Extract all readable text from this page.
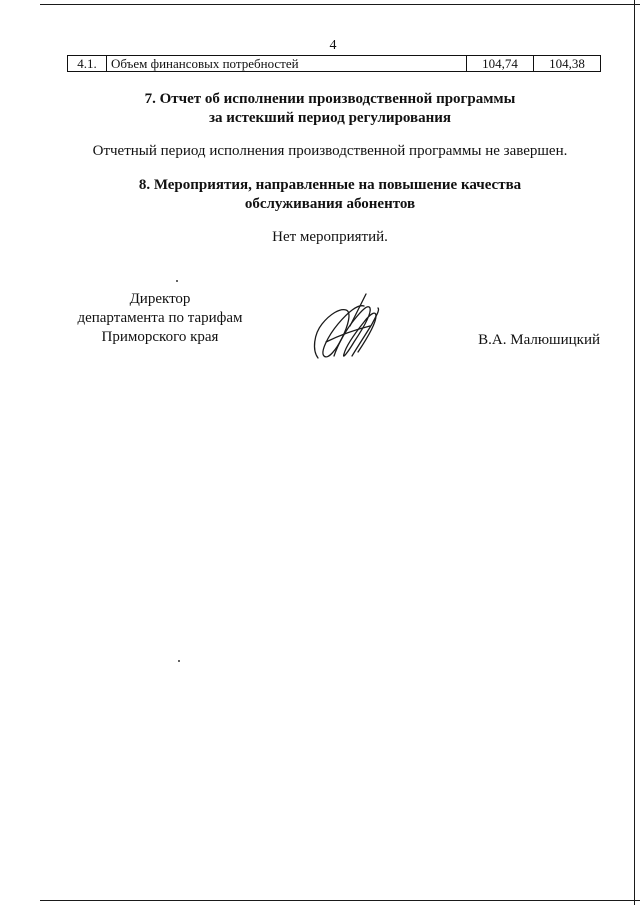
4
4.1.	Объем финансовых потребностей	104,74	104,38
7. Отчет об исполнении производственной программы
за истекший период регулирования
Отчетный период исполнения производственной программы не завершен.
8. Мероприятия, направленные на повышение качества
обслуживания абонентов
Нет мероприятий.
Директор
департамента по тарифам
Приморского края	В.А. Малюшицкий
